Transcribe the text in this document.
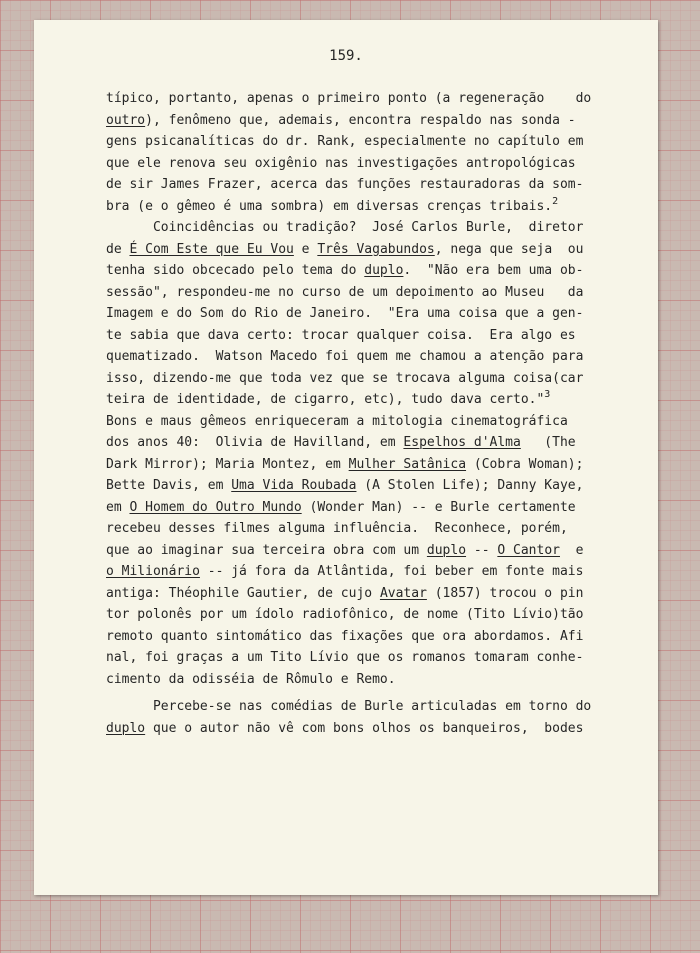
159.
típico, portanto, apenas o primeiro ponto (a regeneração    do
outro), fenômeno que, ademais, encontra respaldo nas sonda -
gens psicanalíticas do dr. Rank, especialmente no capítulo em
que ele renova seu oxigênio nas investigações antropológicas
de sir James Frazer, acerca das funções restauradoras da som-
bra (e o gêmeo é uma sombra) em diversas crenças tribais.$^2$
Coincidências ou tradição?  José Carlos Burle,  diretor
de É Com Este que Eu Vou e Três Vagabundos, nega que seja  ou
tenha sido obcecado pelo tema do duplo.  "Não era bem uma ob-
sessão", respondeu-me no curso de um depoimento ao Museu   da
Imagem e do Som do Rio de Janeiro.  "Era uma coisa que a gen-
te sabia que dava certo: trocar qualquer coisa.  Era algo es
quematizado.  Watson Macedo foi quem me chamou a atenção para
isso, dizendo-me que toda vez que se trocava alguma coisa(car
teira de identidade, de cigarro, etc), tudo dava certo."$^3$
Bons e maus gêmeos enriqueceram a mitologia cinematográfica
dos anos 40:  Olivia de Havilland, em Espelhos d'Alma   (The
Dark Mirror); Maria Montez, em Mulher Satânica (Cobra Woman);
Bette Davis, em Uma Vida Roubada (A Stolen Life); Danny Kaye,
em O Homem do Outro Mundo (Wonder Man) -- e Burle certamente
recebeu desses filmes alguma influência.  Reconhece, porém,
que ao imaginar sua terceira obra com um duplo -- O Cantor  e
o Milionário -- já fora da Atlântida, foi beber em fonte mais
antiga: Théophile Gautier, de cujo Avatar (1857) trocou o pin
tor polonês por um ídolo radiofônico, de nome (Tito Lívio)tão
remoto quanto sintomático das fixações que ora abordamos. Afi
nal, foi graças a um Tito Lívio que os romanos tomaram conhe-
cimento da odisséia de Rômulo e Remo.
Percebe-se nas comédias de Burle articuladas em torno do
duplo que o autor não vê com bons olhos os banqueiros,  bodes
